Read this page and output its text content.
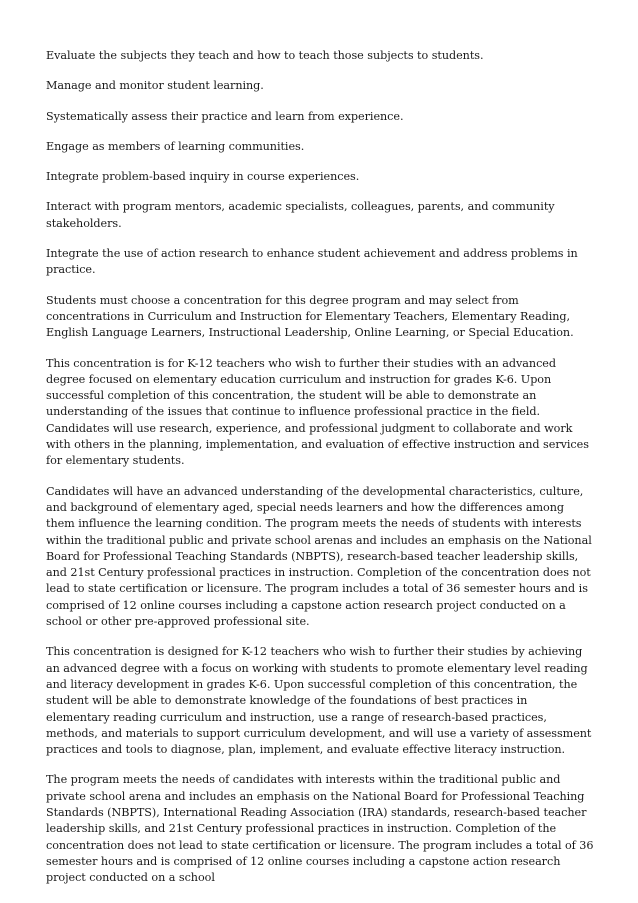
Evaluate the subjects they teach and how to teach those subjects to students.

Manage and monitor student learning.

Systematically assess their practice and learn from experience.

Engage as members of learning communities.

Integrate problem-based inquiry in course experiences.

Interact with program mentors, academic specialists, colleagues, parents, and community stakeholders.

Integrate the use of action research to enhance student achievement and address problems in practice.

Students must choose a concentration for this degree program and may select from concentrations in Curriculum and Instruction for Elementary Teachers, Elementary Reading, English Language Learners, Instructional Leadership, Online Learning, or Special Education.

This concentration is for K-12 teachers who wish to further their studies with an advanced degree focused on elementary education curriculum and instruction for grades K-6. Upon successful completion of this concentration, the student will be able to demonstrate an understanding of the issues that continue to influence professional practice in the field. Candidates will use research, experience, and professional judgment to collaborate and work with others in the planning, implementation, and evaluation of effective instruction and services for elementary students.

Candidates will have an advanced understanding of the developmental characteristics, culture, and background of elementary aged, special needs learners and how the differences among them influence the learning condition. The program meets the needs of students with interests within the traditional public and private school arenas and includes an emphasis on the National Board for Professional Teaching Standards (NBPTS), research-based teacher leadership skills, and 21st Century professional practices in instruction. Completion of the concentration does not lead to state certification or licensure. The program includes a total of 36 semester hours and is comprised of 12 online courses including a capstone action research project conducted on a school or other pre-approved professional site.

This concentration is designed for K-12 teachers who wish to further their studies by achieving an advanced degree with a focus on working with students to promote elementary level reading and literacy development in grades K-6. Upon successful completion of this concentration, the student will be able to demonstrate knowledge of the foundations of best practices in elementary reading curriculum and instruction, use a range of research-based practices, methods, and materials to support curriculum development, and will use a variety of assessment practices and tools to diagnose, plan, implement, and evaluate effective literacy instruction.

The program meets the needs of candidates with interests within the traditional public and private school arena and includes an emphasis on the National Board for Professional Teaching Standards (NBPTS), International Reading Association (IRA) standards, research-based teacher leadership skills, and 21st Century professional practices in instruction. Completion of the concentration does not lead to state certification or licensure. The program includes a total of 36 semester hours and is comprised of 12 online courses including a capstone action research project conducted on a school
